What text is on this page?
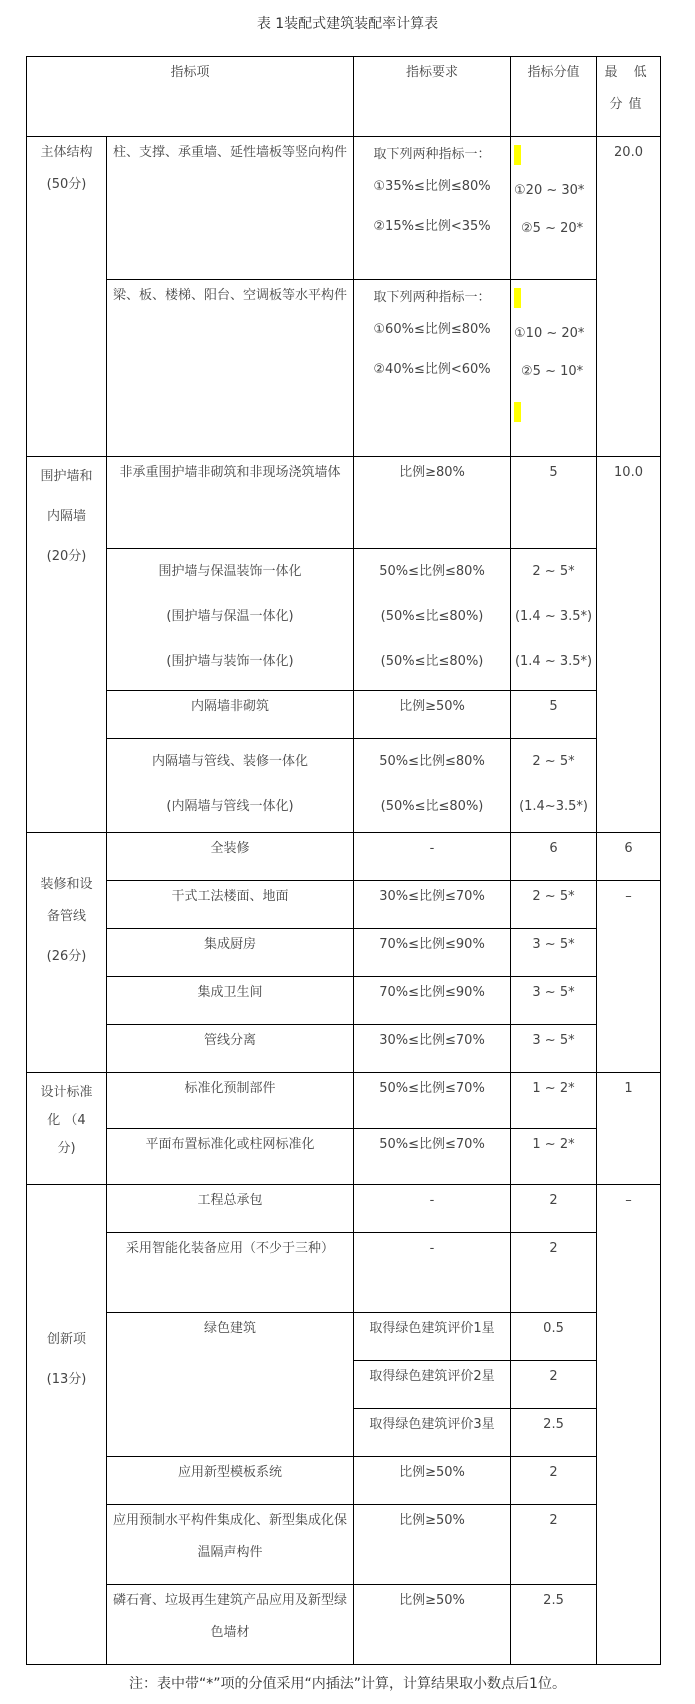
表 1装配式建筑装配率计算表
指标项		指标要求	指标分值	最 低 分值

主体结构
(50分)	柱、支撑、承重墙、延性墙板等竖向构件	取下列两种指标一：
①35%≤比例≤80%
②15%≤比例<35%	①20 ~ 30*
②5 ~ 20*	20.0
	梁、板、楼梯、阳台、空调板等水平构件	取下列两种指标一：
①60%≤比例≤80%
②40%≤比例<60%	①10 ~ 20*
②5 ~ 10*	

围护墙和
内隔墙
(20分)	非承重围护墙非砌筑和非现场浇筑墙体	比例≥80%	5	10.0

	围护墙与保温装饰一体化
(围护墙与保温一体化)
(围护墙与装饰一体化)	50%≤比例≤80%
(50%≤比≤80%)
(50%≤比≤80%)	2 ~ 5*
(1.4 ~ 3.5*)
(1.4 ~ 3.5*)	

	内隔墙非砌筑	比例≥50%	5	

	内隔墙与管线、装修一体化
(内隔墙与管线一体化)	50%≤比例≤80%
(50%≤比≤80%)	2 ~ 5*
(1.4~3.5*)	

装修和设
备管线
(26分)	全装修	-	6	6
	干式工法楼面、地面	30%≤比例≤70%	2 ~ 5*	–
	集成厨房	70%≤比例≤90%	3 ~ 5*	
	集成卫生间	70%≤比例≤90%	3 ~ 5*	
	管线分离	30%≤比例≤70%	3 ~ 5*	

设计标准
化 （4
分)	标准化预制部件	50%≤比例≤70%	1 ~ 2*	1
	平面布置标准化或柱网标准化	50%≤比例≤70%	1 ~ 2*	

创新项
(13分)	工程总承包	-	2	–
	采用智能化装备应用（不少于三种）	-	2	
	绿色建筑	取得绿色建筑评价1星	0.5	
		取得绿色建筑评价2星	2	
		取得绿色建筑评价3星	2.5	
	应用新型模板系统	比例≥50%	2	
	应用预制水平构件集成化、新型集成化保温隔声构件	比例≥50%	2	
	磷石膏、垃圾再生建筑产品应用及新型绿色墙材	比例≥50%	2.5	
注：表中带“*”项的分值采用“内插法”计算，计算结果取小数点后1位。
